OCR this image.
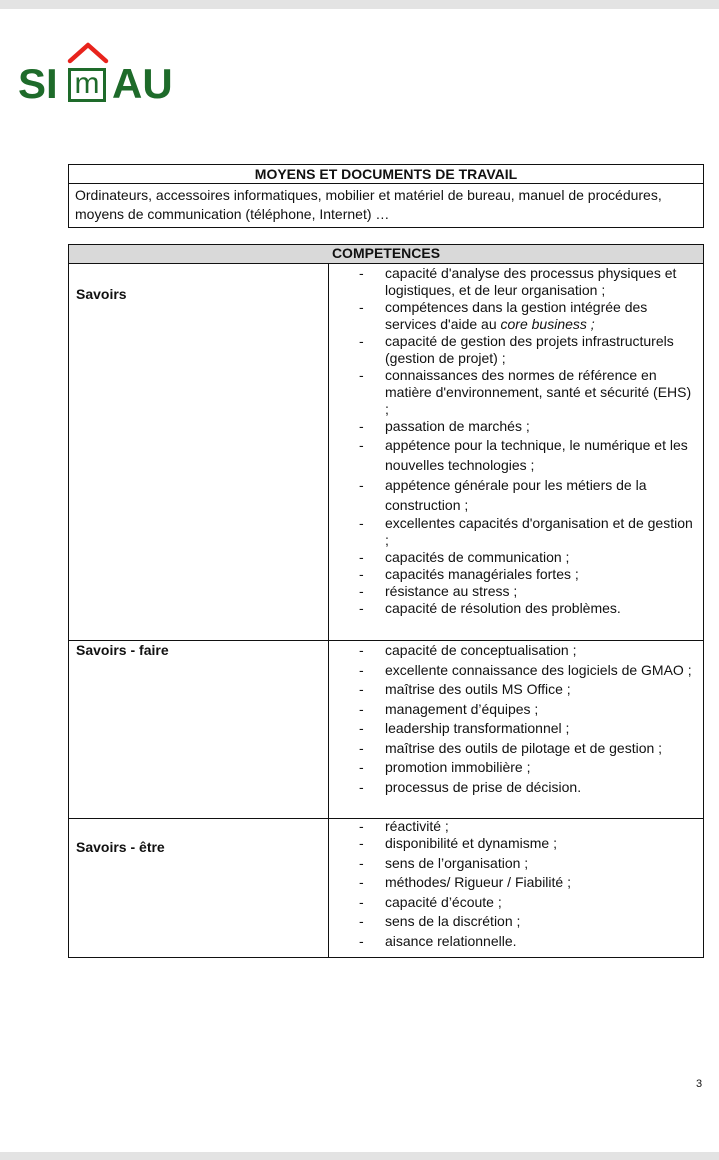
SI m AU
MOYENS ET DOCUMENTS DE TRAVAIL
Ordinateurs, accessoires informatiques, mobilier et matériel de bureau, manuel de procédures, moyens de communication (téléphone, Internet) …
COMPETENCES	

Savoirs

- capacité d'analyse des processus physiques et logistiques, et de leur organisation ;
- compétences dans la gestion intégrée des services d'aide au core business ;
- capacité de gestion des projets infrastructurels (gestion de projet) ;
- connaissances des normes de référence en matière d'environnement, santé et sécurité (EHS) ;
- passation de marchés ;
- appétence pour la technique, le numérique et les nouvelles technologies ;
- appétence générale pour les métiers de la construction ;
- excellentes capacités d'organisation et de gestion ;
- capacités de communication ;
- capacités managériales fortes ;
- résistance au stress ;
- capacité de résolution des problèmes.

Savoirs - faire

-capacité de conceptualisation ;
- excellente connaissance des logiciels de GMAO ;
- maîtrise des outils MS Office ;
- management d’équipes ;
- leadership transformationnel ;
- maîtrise des outils de pilotage et de gestion ;
- promotion immobilière ;
- processus de prise de décision.

Savoirs - être

- réactivité ;
- disponibilité et dynamisme ;
- sens de l’organisation ;
- méthodes/ Rigueur / Fiabilité ;
- capacité d’écoute ;
- sens de la discrétion ;
- aisance relationnelle.
3
